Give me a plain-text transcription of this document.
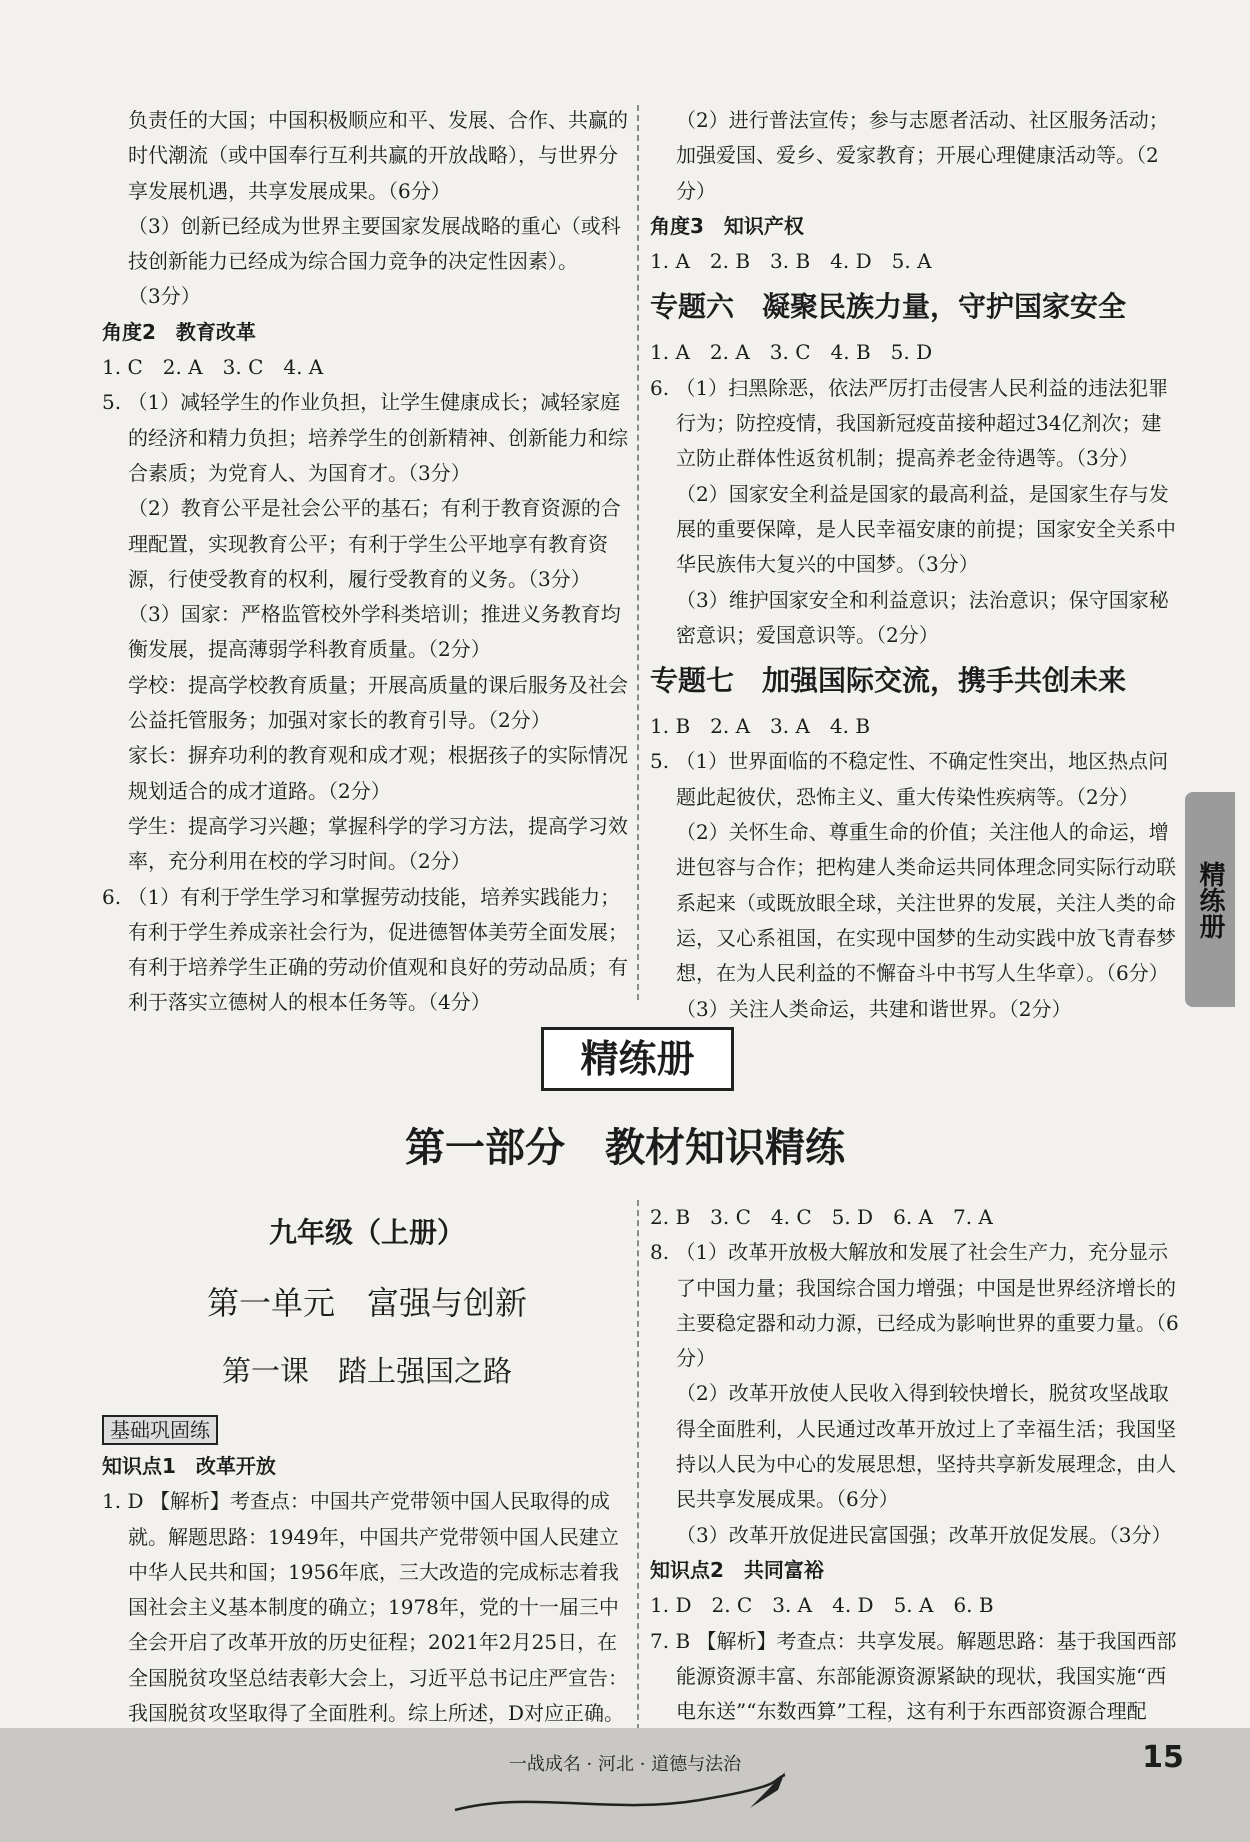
负责任的大国；中国积极顺应和平、发展、合作、共赢的

时代潮流（或中国奉行互利共赢的开放战略），与世界分

享发展机遇，共享发展成果。（6分）

（3）创新已经成为世界主要国家发展战略的重心（或科

技创新能力已经成为综合国力竞争的决定性因素）。

（3分）

角度2　教育改革

1. C　2. A　3. C　4. A

5. （1）减轻学生的作业负担，让学生健康成长；减轻家庭的经济和精力负担；培养学生的创新精神、创新能力和综合素质；为党育人、为国育才。（3分）

（2）教育公平是社会公平的基石；有利于教育资源的合理配置，实现教育公平；有利于学生公平地享有教育资源，行使受教育的权利，履行受教育的义务。（3分）

（3）国家：严格监管校外学科类培训；推进义务教育均衡发展，提高薄弱学科教育质量。（2分）

学校：提高学校教育质量；开展高质量的课后服务及社会公益托管服务；加强对家长的教育引导。（2分）

家长：摒弃功利的教育观和成才观；根据孩子的实际情况规划适合的成才道路。（2分）

学生：提高学习兴趣；掌握科学的学习方法，提高学习效率，充分利用在校的学习时间。（2分）

6. （1）有利于学生学习和掌握劳动技能，培养实践能力；有利于学生养成亲社会行为，促进德智体美劳全面发展；有利于培养学生正确的劳动价值观和良好的劳动品质；有利于落实立德树人的根本任务等。（4分）

（2）进行普法宣传；参与志愿者活动、社区服务活动；加强爱国、爱乡、爱家教育；开展心理健康活动等。（2分）

角度3　知识产权

1. A　2. B　3. B　4. D　5. A

专题六　凝聚民族力量，守护国家安全

1. A　2. A　3. C　4. B　5. D

6. （1）扫黑除恶，依法严厉打击侵害人民利益的违法犯罪行为；防控疫情，我国新冠疫苗接种超过34亿剂次；建立防止群体性返贫机制；提高养老金待遇等。（3分）

（2）国家安全利益是国家的最高利益，是国家生存与发展的重要保障，是人民幸福安康的前提；国家安全关系中华民族伟大复兴的中国梦。（3分）

（3）维护国家安全和利益意识；法治意识；保守国家秘密意识；爱国意识等。（2分）

专题七　加强国际交流，携手共创未来

1. B　2. A　3. A　4. B

5. （1）世界面临的不稳定性、不确定性突出，地区热点问题此起彼伏，恐怖主义、重大传染性疾病等。（2分）

（2）关怀生命、尊重生命的价值；关注他人的命运，增进包容与合作；把构建人类命运共同体理念同实际行动联系起来（或既放眼全球，关注世界的发展，关注人类的命运，又心系祖国，在实现中国梦的生动实践中放飞青春梦想，在为人民利益的不懈奋斗中书写人生华章）。（6分）

（3）关注人类命运，共建和谐世界。（2分）

精练册
精练册
第一部分　教材知识精练
九年级（上册）
第一单元　富强与创新
第一课　踏上强国之路
基础巩固练

知识点1　改革开放

1. D 【解析】考查点：中国共产党带领中国人民取得的成就。解题思路：1949年，中国共产党带领中国人民建立中华人民共和国；1956年底，三大改造的完成标志着我国社会主义基本制度的确立；1978年，党的十一届三中全会开启了改革开放的历史征程；2021年2月25日，在全国脱贫攻坚总结表彰大会上，习近平总书记庄严宣告：我国脱贫攻坚取得了全面胜利。综上所述，D对应正确。

2. B　3. C　4. C　5. D　6. A　7. A

8. （1）改革开放极大解放和发展了社会生产力，充分显示了中国力量；我国综合国力增强；中国是世界经济增长的主要稳定器和动力源，已经成为影响世界的重要力量。（6分）

（2）改革开放使人民收入得到较快增长，脱贫攻坚战取得全面胜利，人民通过改革开放过上了幸福生活；我国坚持以人民为中心的发展思想，坚持共享新发展理念，由人民共享发展成果。（6分）

（3）改革开放促进民富国强；改革开放促发展。（3分）

知识点2　共同富裕

1. D　2. C　3. A　4. D　5. A　6. B

7. B 【解析】考查点：共享发展。解题思路：基于我国西部能源资源丰富、东部能源资源紧缺的现状，我国实施“西电东送”“东数西算”工程，这有利于东西部资源合理配

一战成名 · 河北 · 道德与法治	15
